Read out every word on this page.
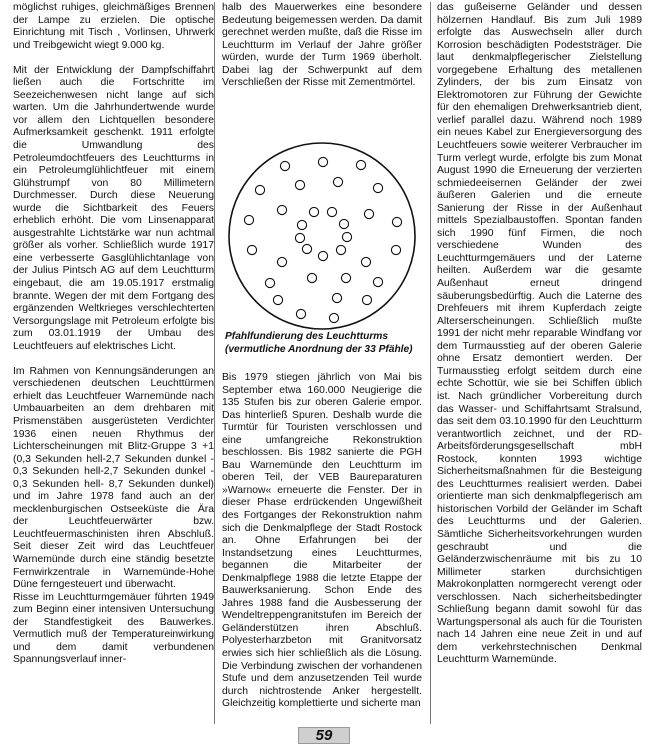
möglichst ruhiges, gleichmäßiges Brennen der Lampe zu erzielen. Die optische Einrichtung mit Tisch , Vorlinsen, Uhrwerk und Treibgewicht wiegt 9.000 kg.

Mit der Entwicklung der Dampfschiffahrt ließen auch die Fortschritte im Seezeichenwesen nicht lange auf sich warten. Um die Jahrhundertwende wurde vor allem den Lichtquellen besondere Aufmerksamkeit geschenkt. 1911 erfolgte die Umwandlung des Petroleumdochtfeuers des Leuchtturms in ein Petroleumglühlichtfeuer mit einem Glühstrumpf von 80 Millimetern Durchmesser. Durch diese Neuerung wurde die Sichtbarkeit des Feuers erheblich erhöht. Die vom Linsenapparat ausgestrahlte Lichtstärke war nun achtmal größer als vorher. Schließlich wurde 1917 eine verbesserte Gasglühlichtanlage von der Julius Pintsch AG auf dem Leuchtturm eingebaut, die am 19.05.1917 erstmalig brannte. Wegen der mit dem Fortgang des ergänzenden Weltkrieges verschlechterten Versorgungslage mit Petroleum erfolgte bis zum 03.01.1919 der Umbau des Leuchtfeuers auf elektrisches Licht.

Im Rahmen von Kennungsänderungen an verschiedenen deutschen Leuchttürmen erhielt das Leuchtfeuer Warnemünde nach Umbauarbeiten an dem drehbaren mit Prismenstäben ausgerüsteten Verdichter 1936 einen neuen Rhythmus der Lichterscheinungen mit Blitz-Gruppe 3 +1 (0,3 Sekunden hell-2,7 Sekunden dunkel - 0,3 Sekunden hell-2,7 Sekunden dunkel - 0,3 Sekunden hell- 8,7 Sekunden dunkel) und im Jahre 1978 fand auch an der mecklenburgischen Ostseeküste die Ära der Leuchtfeuerwärter bzw. Leuchtfeuermaschinisten ihren Abschluß. Seit dieser Zeit wird das Leuchtfeuer Warnemünde durch eine ständig besetzte Fernwirkzentrale in Warnemünde-Hohe Düne ferngesteuert und überwacht.

Risse im Leuchtturmgemäuer führten 1949 zum Beginn einer intensiven Untersuchung der Standfestigkeit des Bauwerkes. Vermutlich muß der Temperatureinwirkung und dem damit verbundenen Spannungsverlauf inner-

halb des Mauerwerkes eine besondere Bedeutung beigemessen werden. Da damit gerechnet werden mußte, daß die Risse im Leuchtturm im Verlauf der Jahre größer würden, wurde der Turm 1969 überholt. Dabei lag der Schwerpunkt auf dem Verschließen der Risse mit Zementmörtel.

Pfahlfundierung des Leuchtturms (vermutliche Anordnung der 33 Pfähle)

Bis 1979 stiegen jährlich von Mai bis September etwa 160.000 Neugierige die 135 Stufen bis zur oberen Galerie empor. Das hinterließ Spuren. Deshalb wurde die Turmtür für Touristen verschlossen und eine umfangreiche Rekonstruktion beschlossen. Bis 1982 sanierte die PGH Bau Warnemünde den Leuchtturm im oberen Teil, der VEB Baureparaturen »Warnow« erneuerte die Fenster. Der in dieser Phase erdrückenden Ungewißheit des Fortganges der Rekonstruktion nahm sich die Denkmalpflege der Stadt Rostock an. Ohne Erfahrungen bei der Instandsetzung eines Leuchtturmes, begannen die Mitarbeiter der Denkmalpflege 1988 die letzte Etappe der Bauwerksanierung. Schon Ende des Jahres 1988 fand die Ausbesserung der Wendeltreppengranitstufen im Bereich der Geländerstützen ihren Abschluß. Polyesterharzbeton mit Granitvorsatz erwies sich hier schließlich als die Lösung. Die Verbindung zwischen der vorhandenen Stufe und dem anzusetzenden Teil wurde durch nichtrostende Anker hergestellt. Gleichzeitig komplettierte und sicherte man

das gußeiserne Geländer und dessen hölzernen Handlauf. Bis zum Juli 1989 erfolgte das Auswechseln aller durch Korrosion beschädigten Podeststräger. Die laut denkmalpflegerischer Zielstellung vorgegebene Erhaltung des metallenen Zylinders, der bis zum Einsatz von Elektromotoren zur Führung der Gewichte für den ehemaligen Drehwerksantrieb dient, verlief parallel dazu. Während noch 1989 ein neues Kabel zur Energieversorgung des Leuchtfeuers sowie weiterer Verbraucher im Turm verlegt wurde, erfolgte bis zum Monat August 1990 die Erneuerung der verzierten schmiedeeisernen Geländer der zwei äußeren Galerien und die erneute Sanierung der Risse in der Außenhaut mittels Spezialbaustoffen. Spontan fanden sich 1990 fünf Firmen, die noch verschiedene Wunden des Leuchtturmgemäuers und der Laterne heilten. Außerdem war die gesamte Außenhaut erneut dringend säuberungsbedürftig. Auch die Laterne des Drehfeuers mit ihrem Kupferdach zeigte Alterserscheinungen. Schließlich mußte 1991 der nicht mehr reparable Windfang vor dem Turmausstieg auf der oberen Galerie ohne Ersatz demontiert werden. Der Turmausstieg erfolgt seitdem durch eine echte Schottür, wie sie bei Schiffen üblich ist. Nach gründlicher Vorbereitung durch das Wasser- und Schiffahrtsamt Stralsund, das seit dem 03.10.1990 für den Leuchtturm verantwortlich zeichnet, und der RD-Arbeitsförderungsgesellschaft mbH Rostock, konnten 1993 wichtige Sicherheitsmaßnahmen für die Besteigung des Leuchtturmes realisiert werden. Dabei orientierte man sich denkmalpflegerisch am historischen Vorbild der Geländer im Schaft des Leuchtturms und der Galerien. Sämtliche Sicherheitsvorkehrungen wurden geschraubt und die Geländerzwischenräume mit bis zu 10 Millimeter starken durchsichtigen Makrokonplatten normgerecht verengt oder verschlossen. Nach sicherheitsbedingter Schließung begann damit sowohl für das Wartungspersonal als auch für die Touristen nach 14 Jahren eine neue Zeit in und auf dem verkehrstechnischen Denkmal Leuchtturm Warnemünde.

59
